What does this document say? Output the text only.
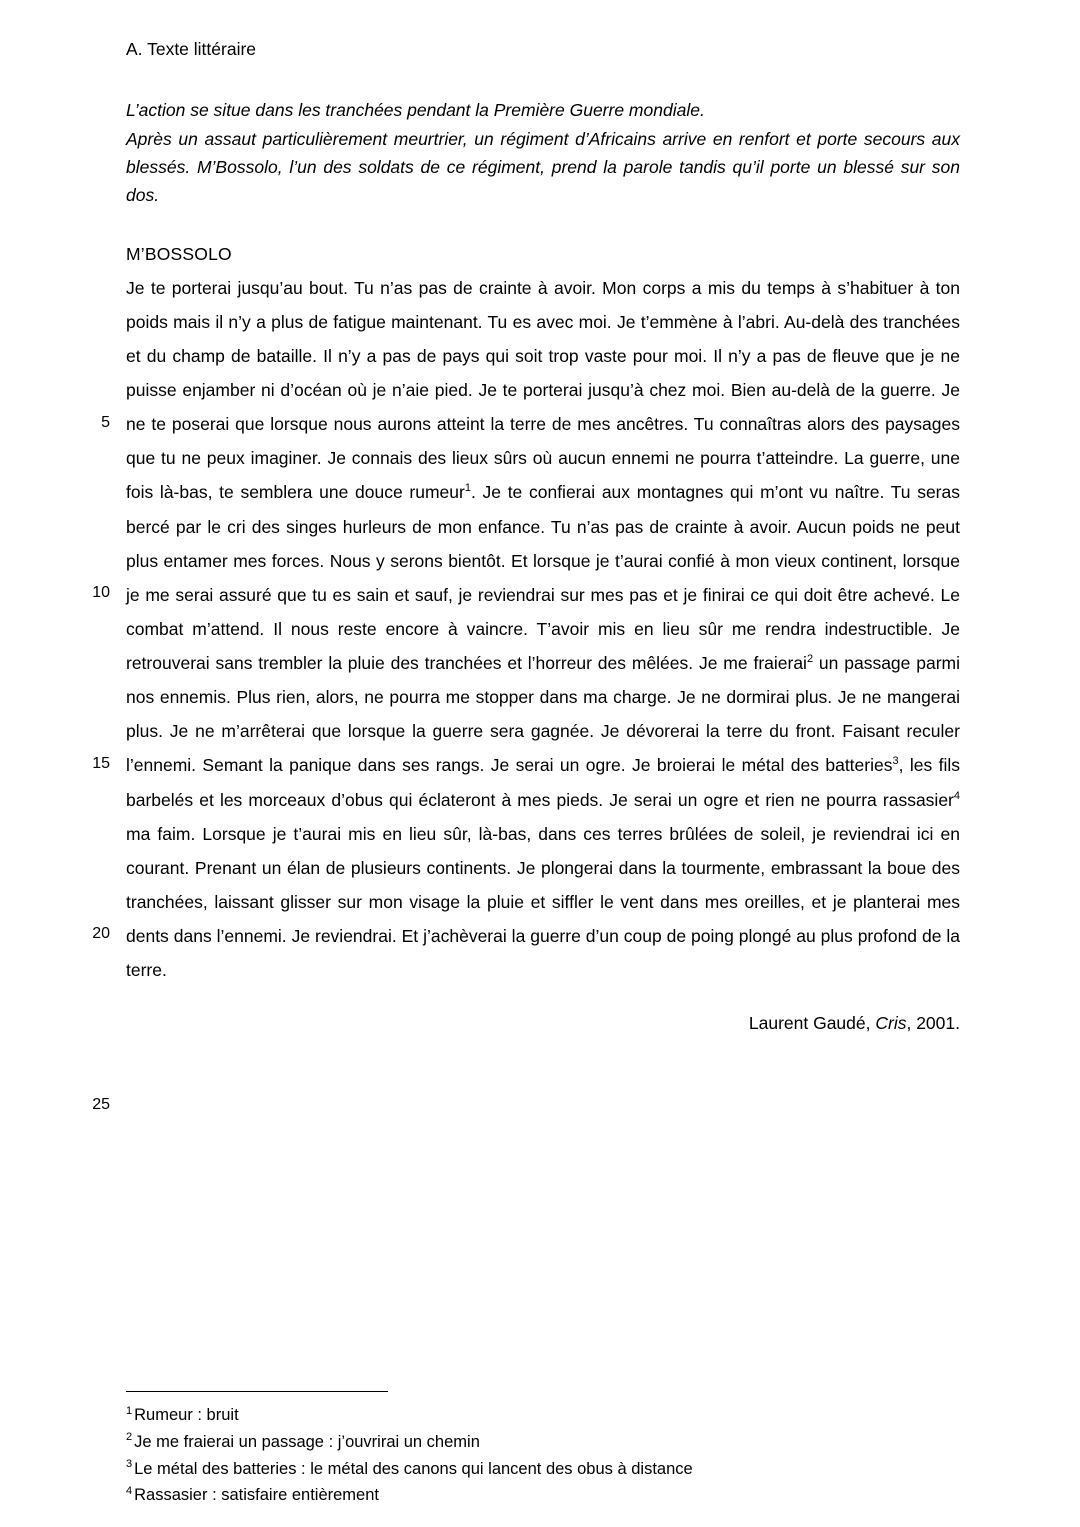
A. Texte littéraire

L’action se situe dans les tranchées pendant la Première Guerre mondiale.
Après un assaut particulièrement meurtrier, un régiment d’Africains arrive en renfort et porte secours aux blessés. M’Bossolo, l’un des soldats de ce régiment, prend la parole tandis qu’il porte un blessé sur son dos.

M’BOSSOLO

5
10
15
20
25

Je te porterai jusqu’au bout. Tu n’as pas de crainte à avoir. Mon corps a mis du temps à s’habituer à ton poids mais il n’y a plus de fatigue maintenant. Tu es avec moi. Je t’emmène à l’abri. Au-delà des tranchées et du champ de bataille. Il n’y a pas de pays qui soit trop vaste pour moi. Il n’y a pas de fleuve que je ne puisse enjamber ni d’océan où je n’aie pied. Je te porterai jusqu’à chez moi. Bien au-delà de la guerre. Je ne te poserai que lorsque nous aurons atteint la terre de mes ancêtres. Tu connaîtras alors des paysages que tu ne peux imaginer. Je connais des lieux sûrs où aucun ennemi ne pourra t’atteindre. La guerre, une fois là-bas, te semblera une douce rumeur$^1$. Je te confierai aux montagnes qui m’ont vu naître. Tu seras bercé par le cri des singes hurleurs de mon enfance. Tu n’as pas de crainte à avoir. Aucun poids ne peut plus entamer mes forces. Nous y serons bientôt. Et lorsque je t’aurai confié à mon vieux continent, lorsque je me serai assuré que tu es sain et sauf, je reviendrai sur mes pas et je finirai ce qui doit être achevé. Le combat m’attend. Il nous reste encore à vaincre. T’avoir mis en lieu sûr me rendra indestructible. Je retrouverai sans trembler la pluie des tranchées et l’horreur des mêlées. Je me fraierai$^2$ un passage parmi nos ennemis. Plus rien, alors, ne pourra me stopper dans ma charge. Je ne dormirai plus. Je ne mangerai plus. Je ne m’arrêterai que lorsque la guerre sera gagnée. Je dévorerai la terre du front. Faisant reculer l’ennemi. Semant la panique dans ses rangs. Je serai un ogre. Je broierai le métal des batteries$^3$, les fils barbelés et les morceaux d’obus qui éclateront à mes pieds. Je serai un ogre et rien ne pourra rassasier$^4$ ma faim. Lorsque je t’aurai mis en lieu sûr, là-bas, dans ces terres brûlées de soleil, je reviendrai ici en courant. Prenant un élan de plusieurs continents. Je plongerai dans la tourmente, embrassant la boue des tranchées, laissant glisser sur mon visage la pluie et siffler le vent dans mes oreilles, et je planterai mes dents dans l’ennemi. Je reviendrai. Et j’achèverai la guerre d’un coup de poing plongé au plus profond de la terre.

Laurent Gaudé, Cris, 2001.

$^1$ Rumeur : bruit

$^2$ Je me fraierai un passage : j’ouvrirai un chemin

$^3$ Le métal des batteries : le métal des canons qui lancent des obus à distance

$^4$ Rassasier : satisfaire entièrement
